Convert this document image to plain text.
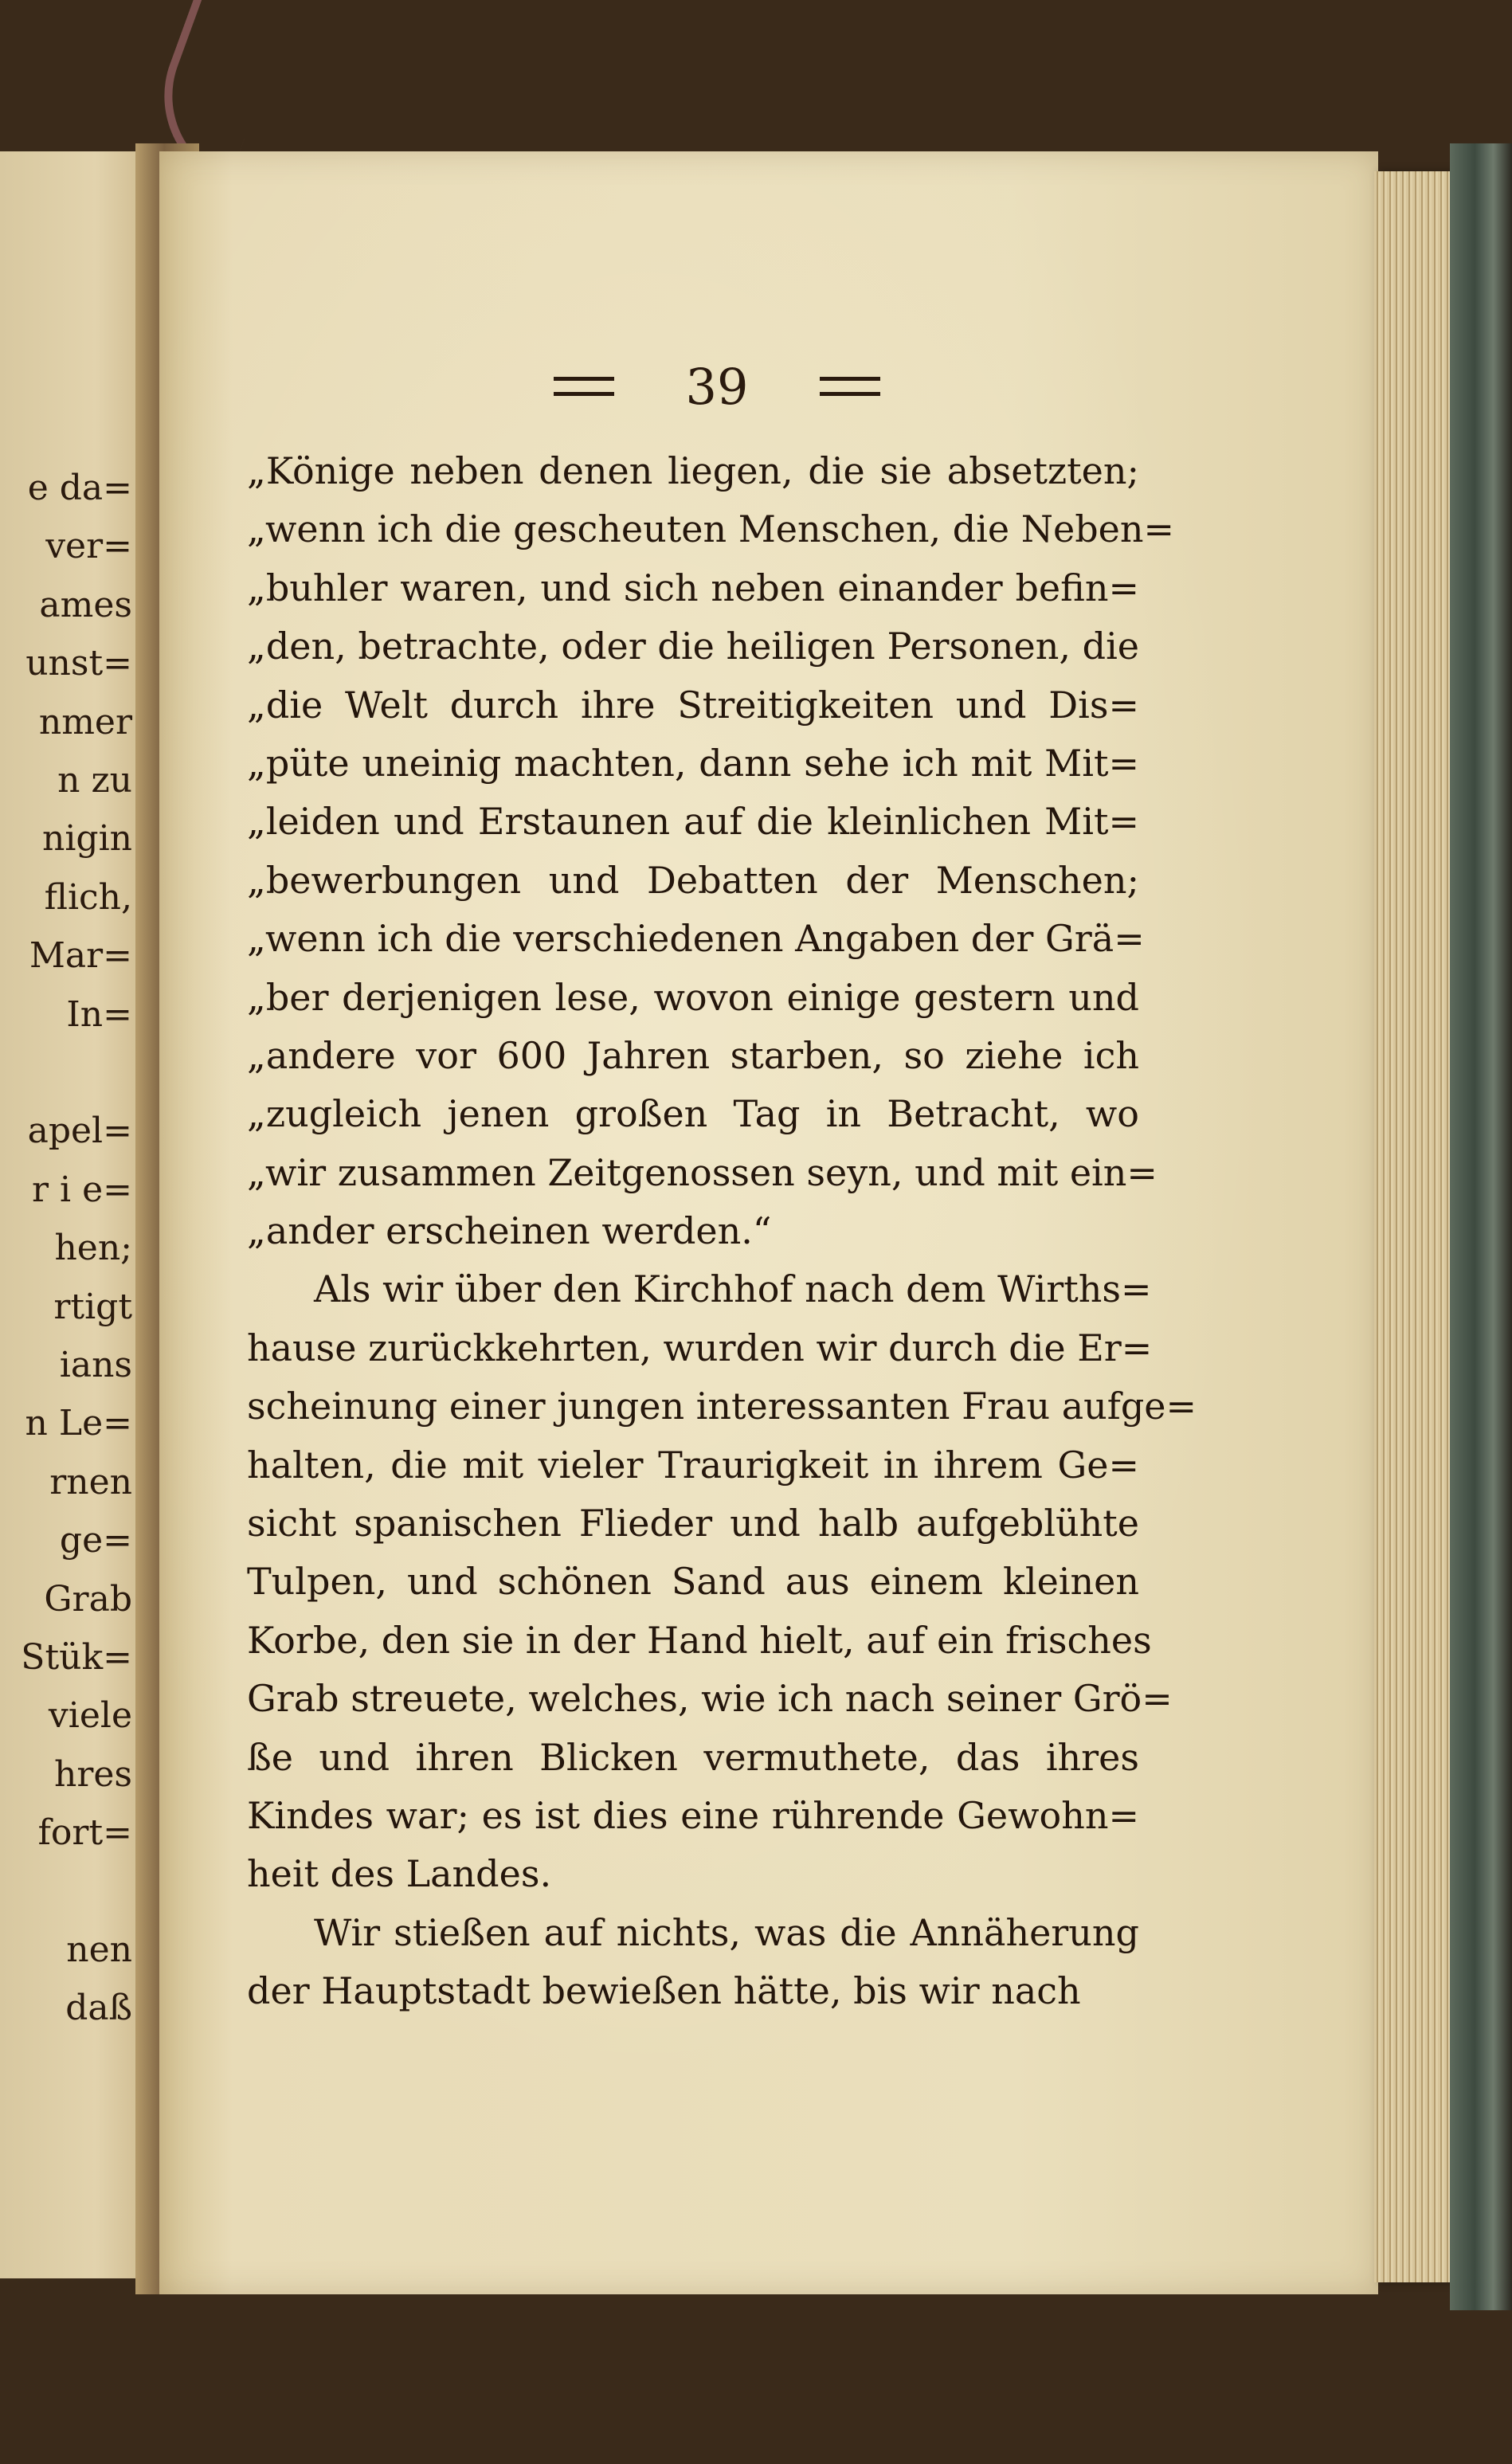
e da=
ver=
ames
unst=
nmer
n zu
nigin
flich,
Mar=
In=
apel=
r i e=
hen;
rtigt
ians
n Le=
rnen
ge=
Grab
Stük=
viele
hres
fort=
nen
daß
39
„Könige neben denen liegen, die sie absetzten;
„wenn ich die gescheuten Menschen, die Neben=
„buhler waren, und sich neben einander befin=
„den, betrachte, oder die heiligen Personen, die
„die Welt durch ihre Streitigkeiten und Dis=
„püte uneinig machten, dann sehe ich mit Mit=
„leiden und Erstaunen auf die kleinlichen Mit=
„bewerbungen und Debatten der Menschen;
„wenn ich die verschiedenen Angaben der Grä=
„ber derjenigen lese, wovon einige gestern und
„andere vor 600 Jahren starben, so ziehe ich
„zugleich jenen großen Tag in Betracht, wo
„wir zusammen Zeitgenossen seyn, und mit ein=
„ander erscheinen werden.“
Als wir über den Kirchhof nach dem Wirths=
hause zurückkehrten, wurden wir durch die Er=
scheinung einer jungen interessanten Frau aufge=
halten, die mit vieler Traurigkeit in ihrem Ge=
sicht spanischen Flieder und halb aufgeblühte
Tulpen, und schönen Sand aus einem kleinen
Korbe, den sie in der Hand hielt, auf ein frisches
Grab streuete, welches, wie ich nach seiner Grö=
ße und ihren Blicken vermuthete, das ihres
Kindes war; es ist dies eine rührende Gewohn=
heit des Landes.
Wir stießen auf nichts, was die Annäherung
der Hauptstadt bewießen hätte, bis wir nach
